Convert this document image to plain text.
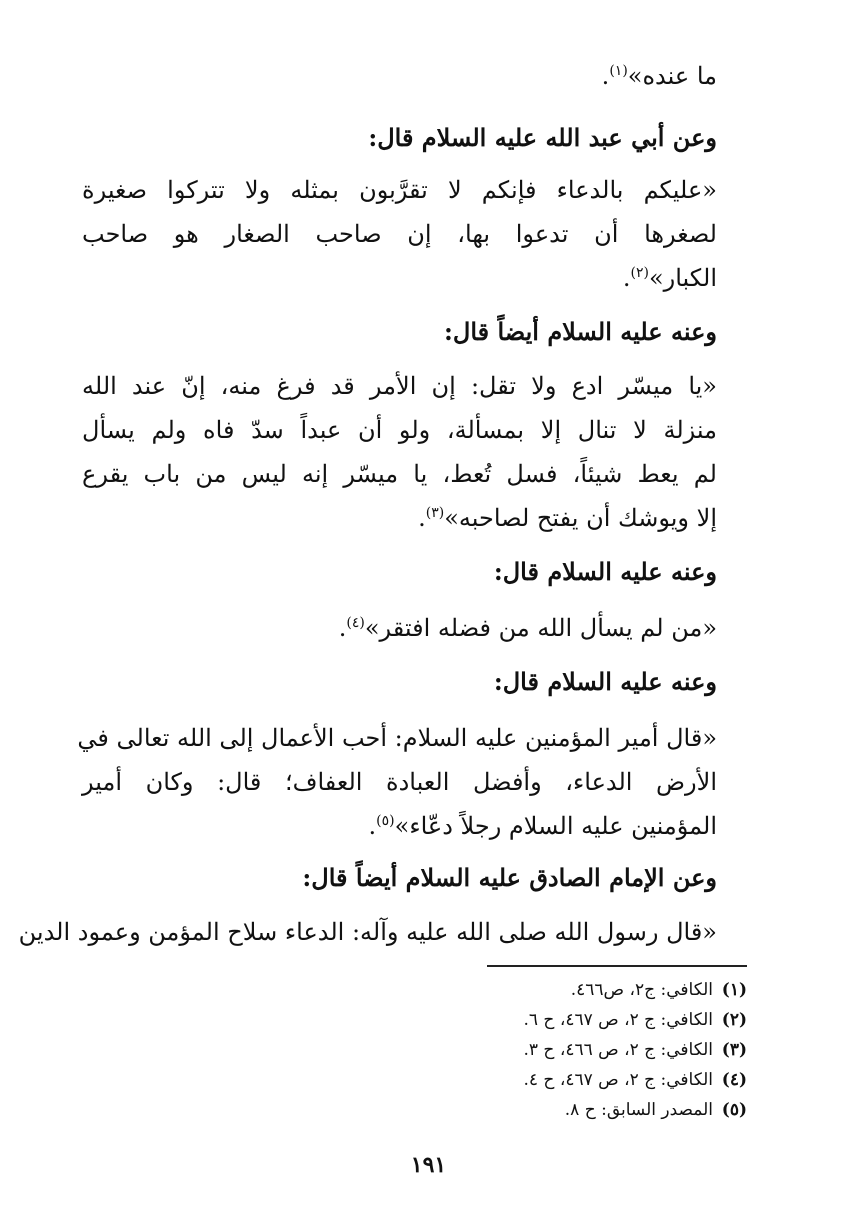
ما عنده»$^{(١)}$.
وعن أبي عبد الله عليه السلام قال:
«عليكم بالدعاء فإنكم لا تقرَّبون بمثله ولا تتركوا صغيرة
لصغرها أن تدعوا بها، إن صاحب الصغار هو صاحب
الكبار»$^{(٢)}$.
وعنه عليه السلام أيضاً قال:
«يا ميسّر ادع ولا تقل: إن الأمر قد فرغ منه، إنّ عند الله
منزلة لا تنال إلا بمسألة، ولو أن عبداً سدّ فاه ولم يسأل
لم يعط شيئاً، فسل تُعط، يا ميسّر إنه ليس من باب يقرع
إلا ويوشك أن يفتح لصاحبه»$^{(٣)}$.
وعنه عليه السلام قال:
«من لم يسأل الله من فضله افتقر»$^{(٤)}$.
وعنه عليه السلام قال:
«قال أمير المؤمنين عليه السلام: أحب الأعمال إلى الله تعالى في
الأرض الدعاء، وأفضل العبادة العفاف؛ قال: وكان أمير
المؤمنين عليه السلام رجلاً دعّاء»$^{(٥)}$.
وعن الإمام الصادق عليه السلام أيضاً قال:
«قال رسول الله صلى الله عليه وآله: الدعاء سلاح المؤمن وعمود الدين
(١)الكافي: ج٢، ص٤٦٦.
(٢)الكافي: ج ٢، ص ٤٦٧، ح ٦.
(٣)الكافي: ج ٢، ص ٤٦٦، ح ٣.
(٤)الكافي: ج ٢، ص ٤٦٧، ح ٤.
(٥)المصدر السابق: ح ٨.
١٩١
